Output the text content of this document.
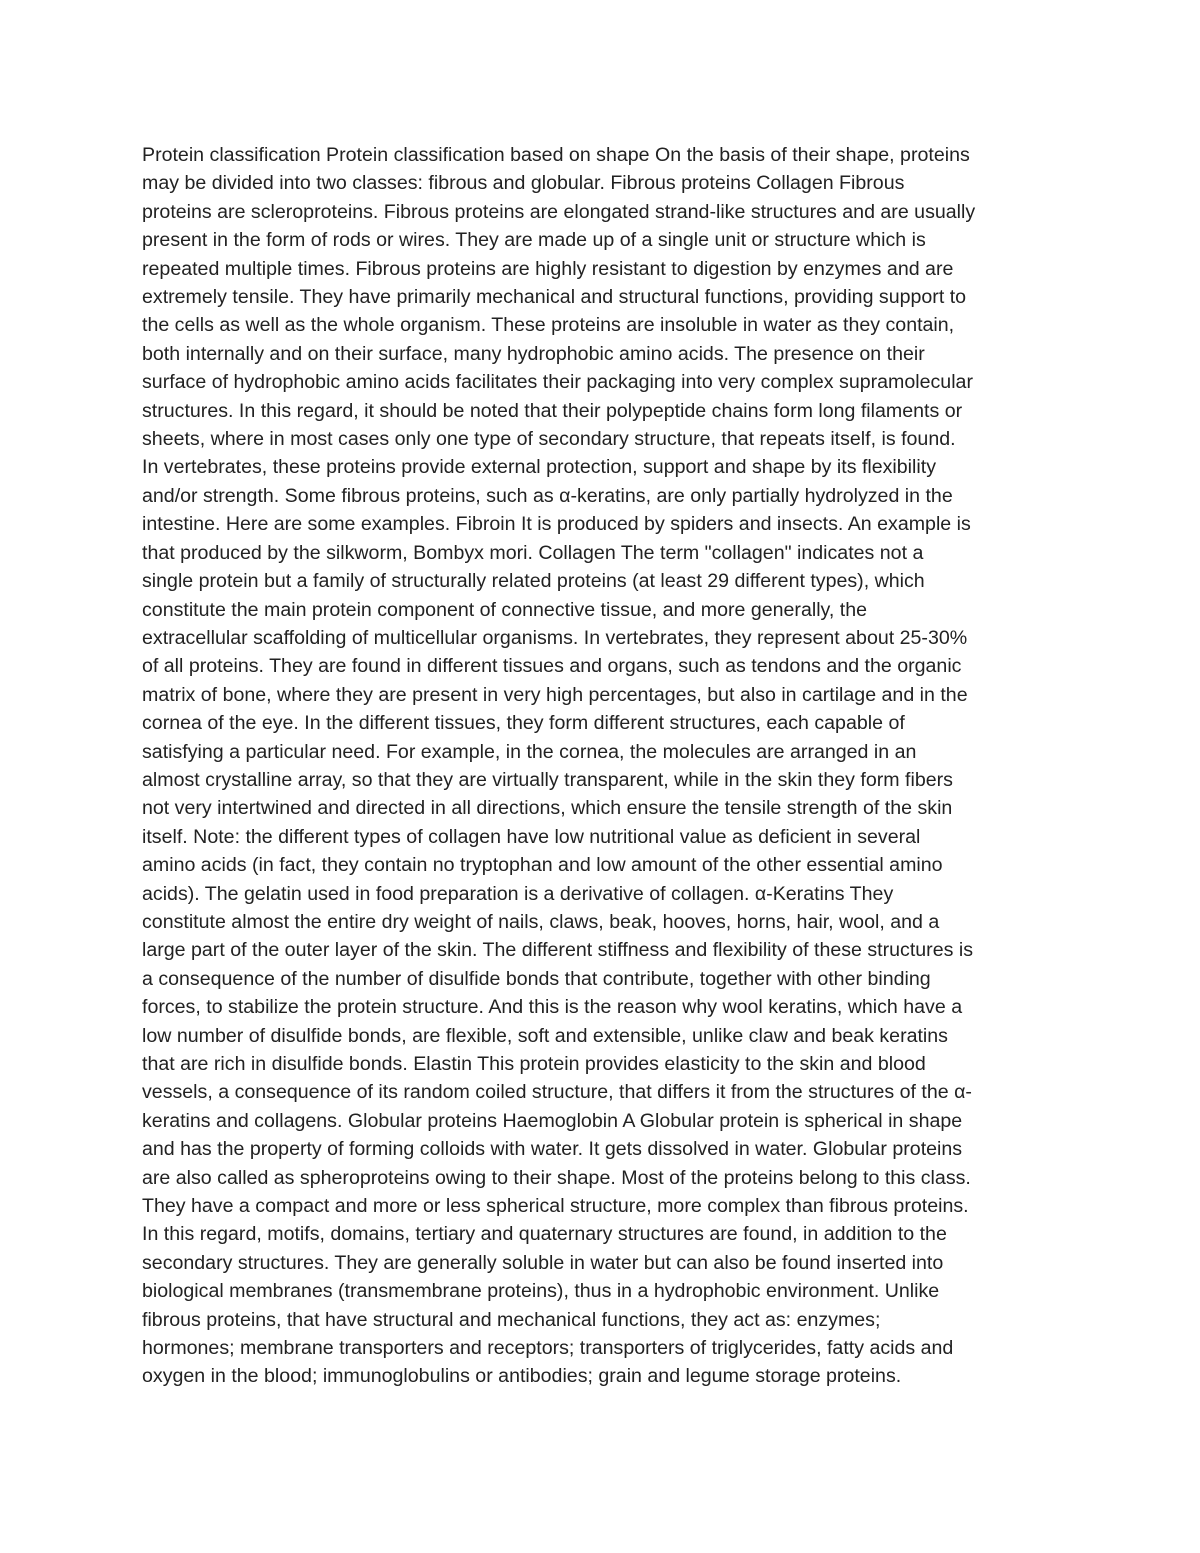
Protein classification Protein classification based on shape On the basis of their shape, proteins
may be divided into two classes: fibrous and globular. Fibrous proteins Collagen Fibrous
proteins are scleroproteins. Fibrous proteins are elongated strand-like structures and are usually
present in the form of rods or wires. They are made up of a single unit or structure which is
repeated multiple times. Fibrous proteins are highly resistant to digestion by enzymes and are
extremely tensile. They have primarily mechanical and structural functions, providing support to
the cells as well as the whole organism. These proteins are insoluble in water as they contain,
both internally and on their surface, many hydrophobic amino acids. The presence on their
surface of hydrophobic amino acids facilitates their packaging into very complex supramolecular
structures. In this regard, it should be noted that their polypeptide chains form long filaments or
sheets, where in most cases only one type of secondary structure, that repeats itself, is found.
In vertebrates, these proteins provide external protection, support and shape by its flexibility
and/or strength. Some fibrous proteins, such as α-keratins, are only partially hydrolyzed in the
intestine. Here are some examples. Fibroin It is produced by spiders and insects. An example is
that produced by the silkworm, Bombyx mori. Collagen The term "collagen" indicates not a
single protein but a family of structurally related proteins (at least 29 different types), which
constitute the main protein component of connective tissue, and more generally, the
extracellular scaffolding of multicellular organisms. In vertebrates, they represent about 25-30%
of all proteins. They are found in different tissues and organs, such as tendons and the organic
matrix of bone, where they are present in very high percentages, but also in cartilage and in the
cornea of the eye. In the different tissues, they form different structures, each capable of
satisfying a particular need. For example, in the cornea, the molecules are arranged in an
almost crystalline array, so that they are virtually transparent, while in the skin they form fibers
not very intertwined and directed in all directions, which ensure the tensile strength of the skin
itself. Note: the different types of collagen have low nutritional value as deficient in several
amino acids (in fact, they contain no tryptophan and low amount of the other essential amino
acids). The gelatin used in food preparation is a derivative of collagen. α-Keratins They
constitute almost the entire dry weight of nails, claws, beak, hooves, horns, hair, wool, and a
large part of the outer layer of the skin. The different stiffness and flexibility of these structures is
a consequence of the number of disulfide bonds that contribute, together with other binding
forces, to stabilize the protein structure. And this is the reason why wool keratins, which have a
low number of disulfide bonds, are flexible, soft and extensible, unlike claw and beak keratins
that are rich in disulfide bonds. Elastin This protein provides elasticity to the skin and blood
vessels, a consequence of its random coiled structure, that differs it from the structures of the α-
keratins and collagens. Globular proteins Haemoglobin A Globular protein is spherical in shape
and has the property of forming colloids with water. It gets dissolved in water. Globular proteins
are also called as spheroproteins owing to their shape. Most of the proteins belong to this class.
They have a compact and more or less spherical structure, more complex than fibrous proteins.
In this regard, motifs, domains, tertiary and quaternary structures are found, in addition to the
secondary structures. They are generally soluble in water but can also be found inserted into
biological membranes (transmembrane proteins), thus in a hydrophobic environment. Unlike
fibrous proteins, that have structural and mechanical functions, they act as: enzymes;
hormones; membrane transporters and receptors; transporters of triglycerides, fatty acids and
oxygen in the blood; immunoglobulins or antibodies; grain and legume storage proteins.
